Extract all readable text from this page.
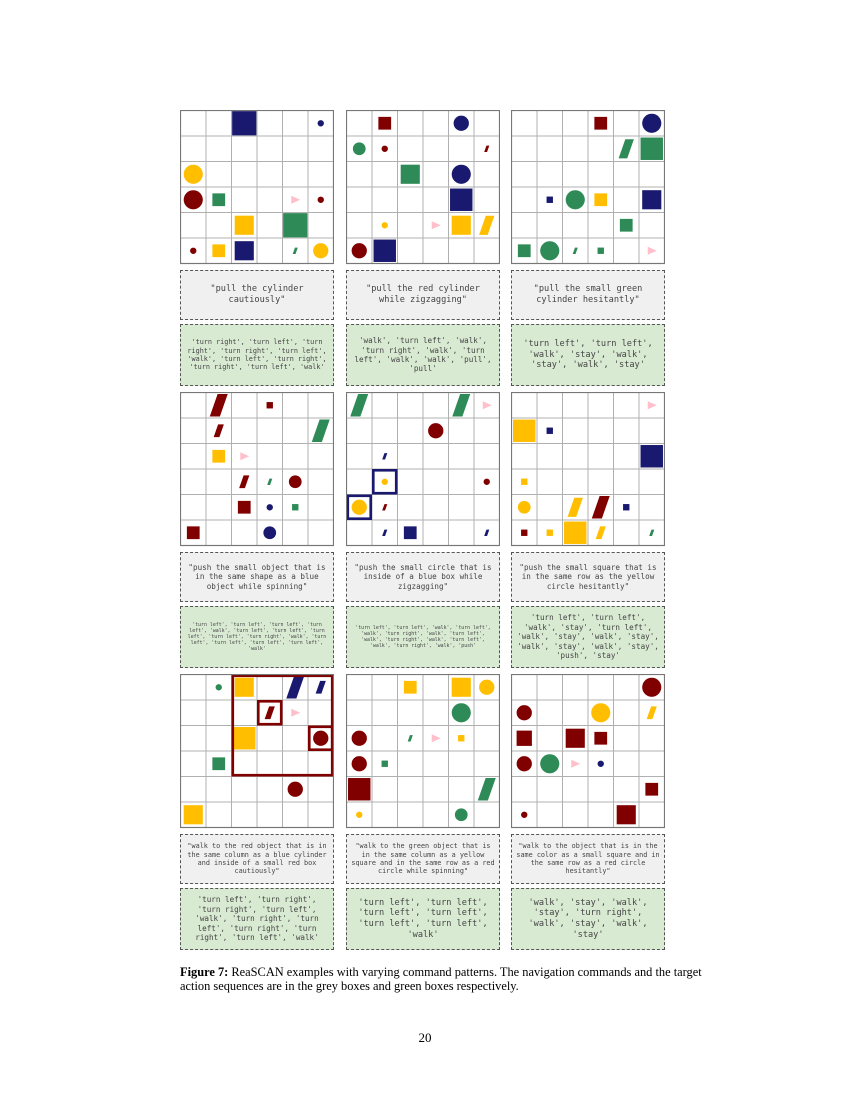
"pull the cylinder cautiously"
'turn right', 'turn left', 'turn right', 'turn right', 'turn left', 'walk', 'turn left', 'turn right', 'turn right', 'turn left', 'walk'
"pull the red cylinder while zigzagging"
'walk', 'turn left', 'walk', 'turn right', 'walk', 'turn left', 'walk', 'walk', 'pull', 'pull'
"pull the small green cylinder hesitantly"
'turn left', 'turn left', 'walk', 'stay', 'walk', 'stay', 'walk', 'stay'
"push the small object that is in the same shape as a blue object while spinning"
'turn left', 'turn left', 'turn left', 'turn left', 'walk', 'turn left', 'turn left', 'turn left', 'turn left', 'turn right', 'walk', 'turn left', 'turn left', 'turn left', 'turn left', 'walk'
"push the small circle that is inside of a blue box while zigzagging"
'turn left', 'turn left', 'walk', 'turn left', 'walk', 'turn right', 'walk', 'turn left', 'walk', 'turn right', 'walk', 'turn left', 'walk', 'turn right', 'walk', 'push'
"push the small square that is in the same row as the yellow circle hesitantly"
'turn left', 'turn left', 'walk', 'stay', 'turn left', 'walk', 'stay', 'walk', 'stay', 'walk', 'stay', 'walk', 'stay', 'push', 'stay'
"walk to the red object that is in the same column as a blue cylinder and inside of a small red box cautiously"
'turn left', 'turn right', 'turn right', 'turn left', 'walk', 'turn right', 'turn left', 'turn right', 'turn right', 'turn left', 'walk'
"walk to the green object that is in the same column as a yellow square and in the same row as a red circle while spinning"
'turn left', 'turn left', 'turn left', 'turn left', 'turn left', 'turn left', 'walk'
"walk to the object that is in the same color as a small square and in the same row as a red circle hesitantly"
'walk', 'stay', 'walk', 'stay', 'turn right', 'walk', 'stay', 'walk', 'stay'
Figure 7: ReaSCAN examples with varying command patterns. The navigation commands and the target action sequences are in the grey boxes and green boxes respectively.
20
